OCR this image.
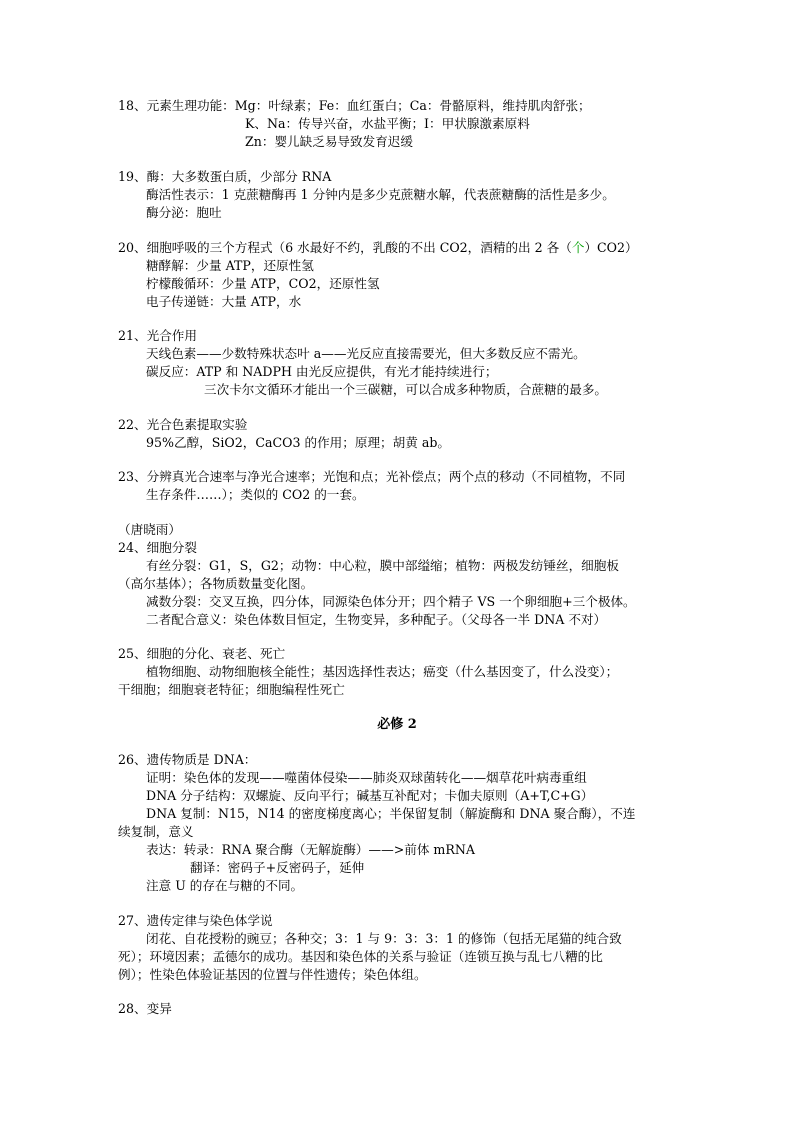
18、元素生理功能：Mg：叶绿素；Fe：血红蛋白；Ca：骨骼原料，维持肌肉舒张；
K、Na：传导兴奋，水盐平衡；I：甲状腺激素原料
Zn：婴儿缺乏易导致发育迟缓
19、酶：大多数蛋白质，少部分 RNA
酶活性表示：1 克蔗糖酶再 1 分钟内是多少克蔗糖水解，代表蔗糖酶的活性是多少。
酶分泌：胞吐
20、细胞呼吸的三个方程式（6 水最好不约，乳酸的不出 CO2，酒精的出 2 各（个）CO2）
糖酵解：少量 ATP，还原性氢
柠檬酸循环：少量 ATP，CO2，还原性氢
电子传递链：大量 ATP，水
21、光合作用
天线色素——少数特殊状态叶 a——光反应直接需要光，但大多数反应不需光。
碳反应：ATP 和 NADPH 由光反应提供，有光才能持续进行；
三次卡尔文循环才能出一个三碳糖，可以合成多种物质，合蔗糖的最多。
22、光合色素提取实验
95%乙醇，SiO2，CaCO3 的作用；原理；胡黄 ab。
23、分辨真光合速率与净光合速率；光饱和点；光补偿点；两个点的移动（不同植物，不同
生存条件……）；类似的 CO2 的一套。
（唐晓雨）
24、细胞分裂
有丝分裂：G1，S，G2；动物：中心粒，膜中部缢缩；植物：两极发纺锤丝，细胞板
（高尔基体）；各物质数量变化图。
减数分裂：交叉互换，四分体，同源染色体分开；四个精子 VS 一个卵细胞+三个极体。
二者配合意义：染色体数目恒定，生物变异，多种配子。（父母各一半 DNA 不对）
25、细胞的分化、衰老、死亡
植物细胞、动物细胞核全能性；基因选择性表达；癌变（什么基因变了，什么没变）；
干细胞；细胞衰老特征；细胞编程性死亡
必修 2
26、遗传物质是 DNA：
证明：染色体的发现——噬菌体侵染——肺炎双球菌转化——烟草花叶病毒重组
DNA 分子结构：双螺旋、反向平行；碱基互补配对；卡伽夫原则（A+T,C+G）
DNA 复制：N15，N14 的密度梯度离心；半保留复制（解旋酶和 DNA 聚合酶），不连
续复制，意义
表达：转录：RNA 聚合酶（无解旋酶）——>前体 mRNA
翻译：密码子+反密码子，延伸
注意 U 的存在与糖的不同。
27、遗传定律与染色体学说
闭花、自花授粉的豌豆；各种交；3：1 与 9：3：3：1 的修饰（包括无尾猫的纯合致
死）；环境因素；孟德尔的成功。基因和染色体的关系与验证（连锁互换与乱七八糟的比
例）；性染色体验证基因的位置与伴性遗传；染色体组。
28、变异
